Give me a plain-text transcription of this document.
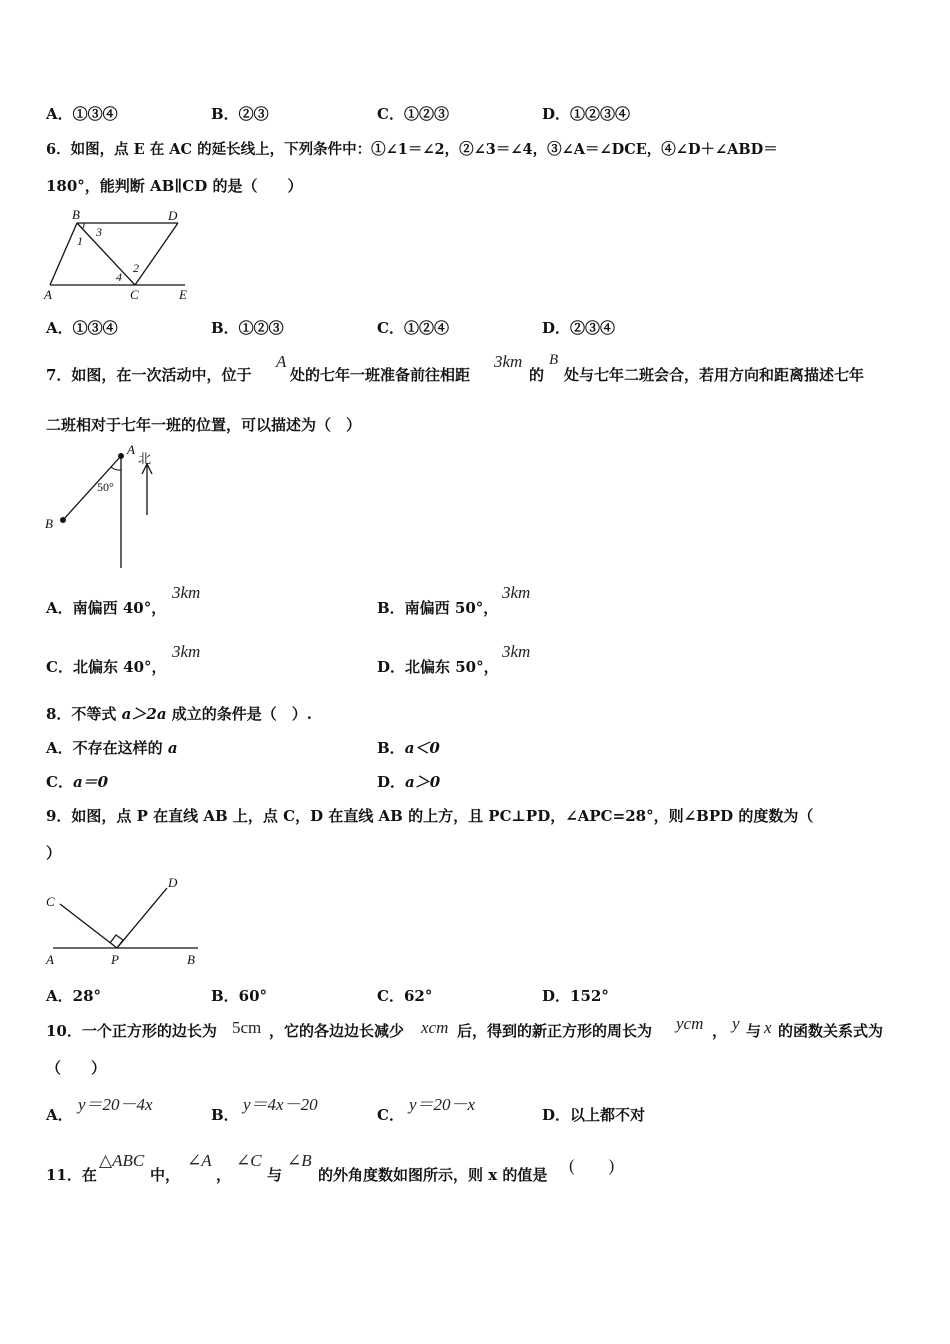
A．①③④	B．②③	C．①②③	D．①②③④
6．如图，点 E 在 AC 的延长线上，下列条件中：①∠1＝∠2，②∠3＝∠4，③∠A＝∠DCE，④∠D＋∠ABD＝
180°，能判断 AB∥CD 的是（　　）
B	D
3
1
2
4
A	C	E
A．①③④	B．①②③	C．①②④	D．②③④
7．如图，在一次活动中，位于
A
处的七年一班准备前往相距
3km
的
B
处与七年二班会合，若用方向和距离描述七年
二班相对于七年一班的位置，可以描述为（　）
A
北
50°
B
A．南偏西 40°，
3km
B．南偏西 50°，
3km
C．北偏东 40°，
3km
D．北偏东 50°，
3km
8．不等式 a＞2a 成立的条件是（　）.
A．不存在这样的 a	B．a＜0
C．a＝0	D．a＞0
9．如图，点 P 在直线 AB 上，点 C，D 在直线 AB 的上方，且 PC⊥PD，∠APC=28°，则∠BPD 的度数为（
）
C
D
A	P	B
A．28°	B．60°	C．62°	D．152°
10．一个正方形的边长为 5cm ，它的各边边长减少 xcm 后，得到的新正方形的周长为 ycm ， y 与 x 的函数关系式为
（　　）
A．
y＝20－4x
B．
y＝4x－20
C．
y＝20－x
D．以上都不对
11．在
△ABC
中，
∠A
，
∠C
与
∠B
的外角度数如图所示，则 x 的值是 (　　)
